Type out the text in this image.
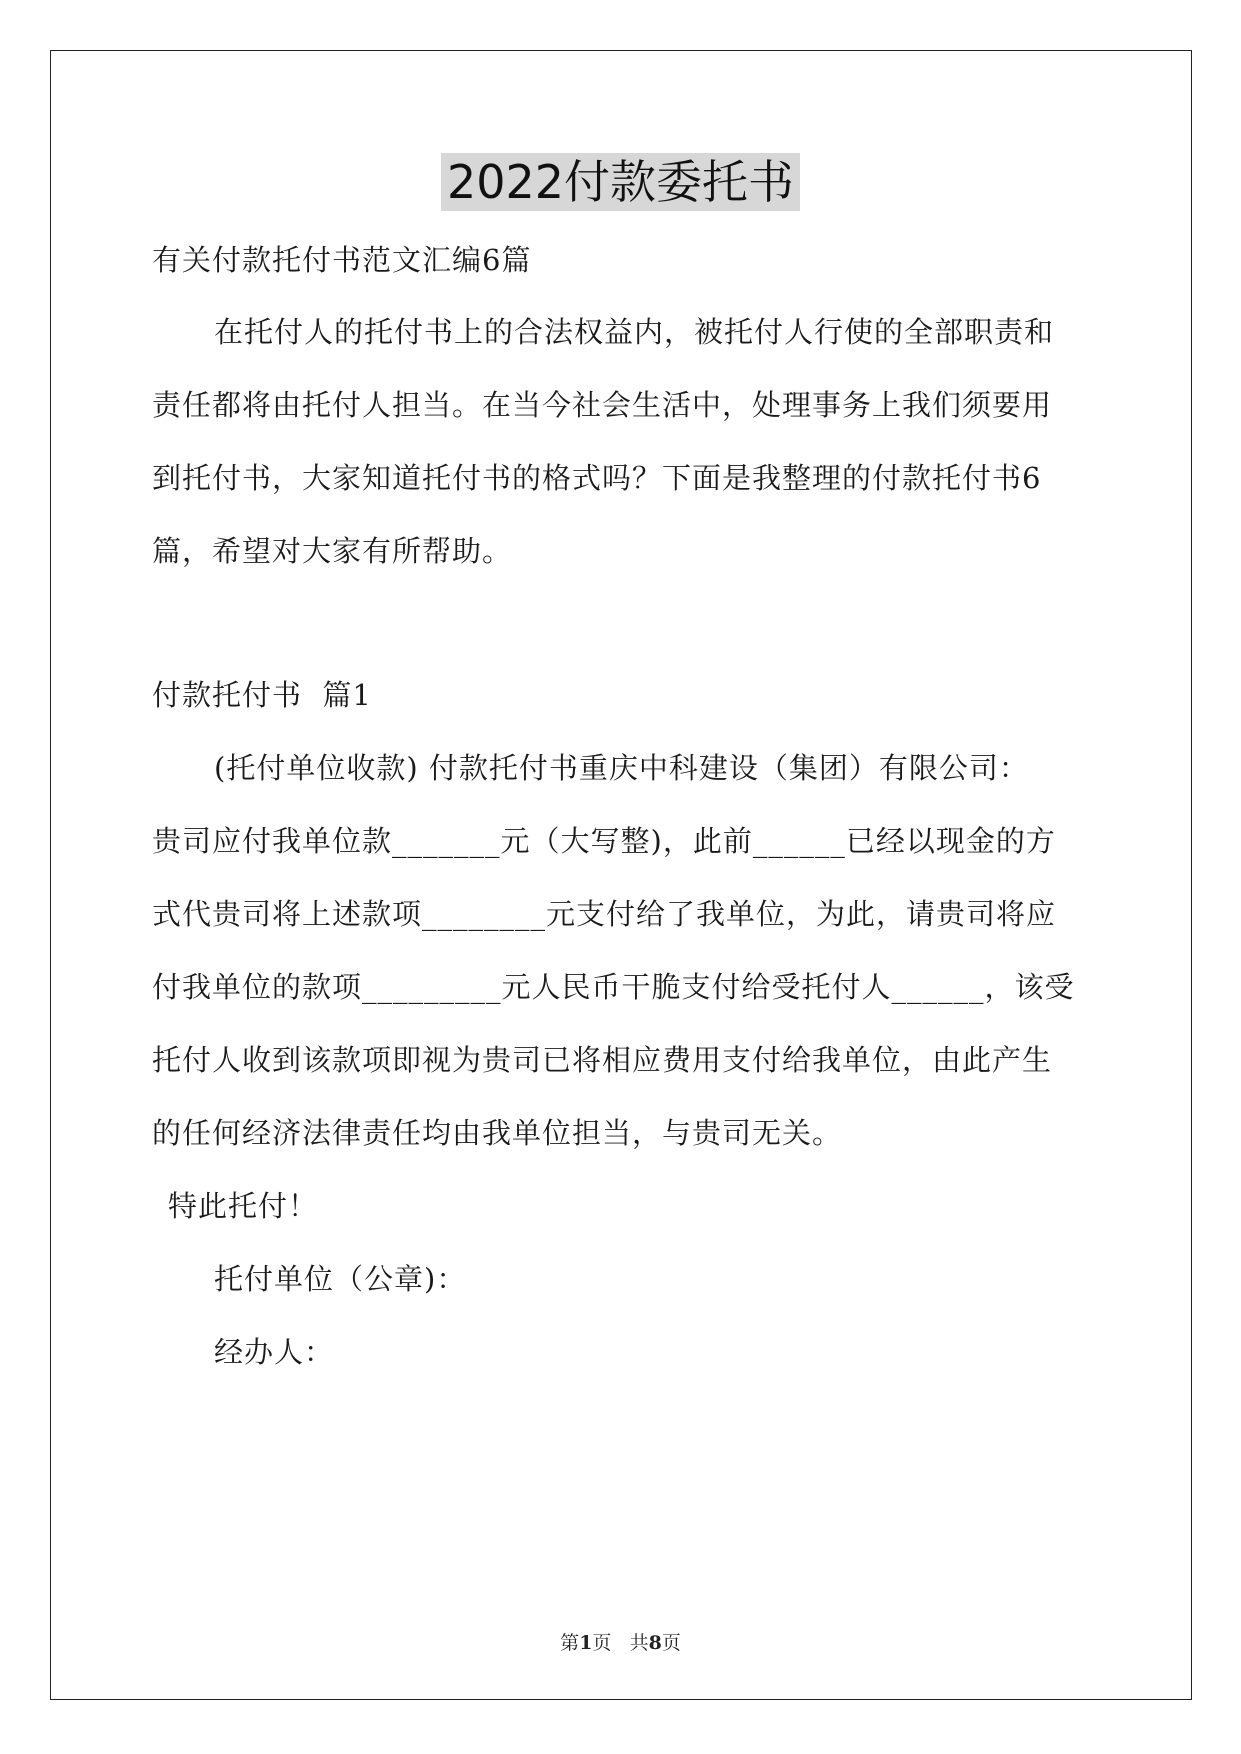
2022付款委托书
有关付款托付书范文汇编6篇
在托付人的托付书上的合法权益内，被托付人行使的全部职责和
责任都将由托付人担当。在当今社会生活中，处理事务上我们须要用
到托付书，大家知道托付书的格式吗？下面是我整理的付款托付书6
篇，希望对大家有所帮助。
付款托付书  篇1
(托付单位收款) 付款托付书重庆中科建设（集团）有限公司：
贵司应付我单位款_______元（大写整)，此前______已经以现金的方
式代贵司将上述款项________元支付给了我单位，为此，请贵司将应
付我单位的款项_________元人民币干脆支付给受托付人______，该受
托付人收到该款项即视为贵司已将相应费用支付给我单位，由此产生
的任何经济法律责任均由我单位担当，与贵司无关。
特此托付！
托付单位（公章)：
经办人：
第1页 共8页
